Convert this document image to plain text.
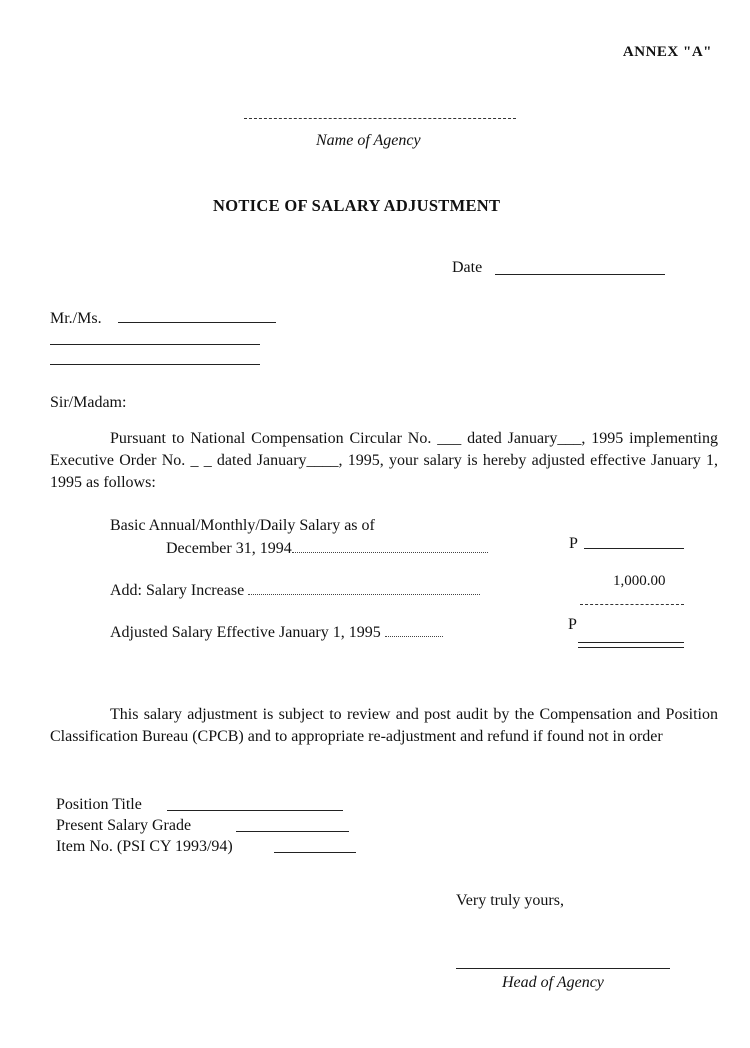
ANNEX "A"
Name of Agency
NOTICE OF SALARY ADJUSTMENT
Date
Mr./Ms.
Sir/Madam:
Pursuant to National Compensation Circular No. ___ dated January___, 1995 implementing Executive Order No. _ _ dated January____, 1995, your salary is hereby adjusted effective January 1, 1995 as follows:
Basic Annual/Monthly/Daily Salary as of
December 31, 1994	P
Add: Salary Increase
1,000.00
Adjusted Salary Effective January 1, 1995	P
This salary adjustment is subject to review and post audit by the Compensation and Position Classification Bureau (CPCB) and to appropriate re-adjustment and refund if found not in order
Position Title
Present Salary Grade
Item No. (PSI CY 1993/94)
Very truly yours,
Head of Agency
